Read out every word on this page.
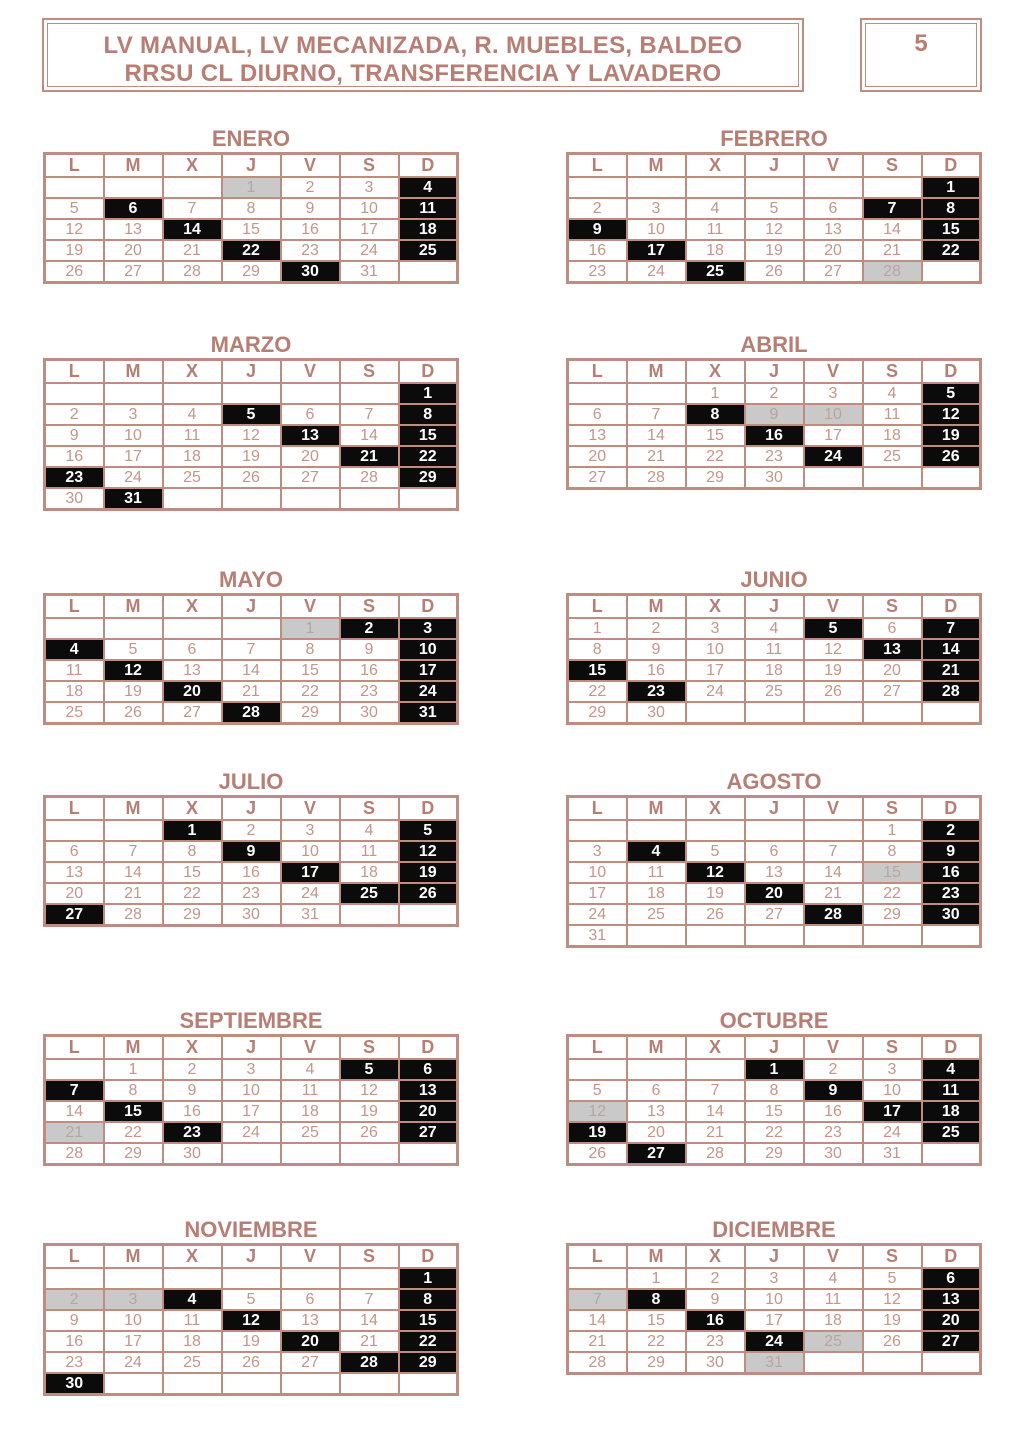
LV MANUAL, LV MECANIZADA, R. MUEBLES, BALDEO
RRSU CL DIURNO, TRANSFERENCIA Y LAVADERO
5
ENERO
L	M	X	J	V	S	D
			1	2	3	4
5	6	7	8	9	10	11
12	13	14	15	16	17	18
19	20	21	22	23	24	25
26	27	28	29	30	31	
FEBRERO
L	M	X	J	V	S	D
						1
2	3	4	5	6	7	8
9	10	11	12	13	14	15
16	17	18	19	20	21	22
23	24	25	26	27	28	
MARZO
L	M	X	J	V	S	D
						1
2	3	4	5	6	7	8
9	10	11	12	13	14	15
16	17	18	19	20	21	22
23	24	25	26	27	28	29
30	31					
ABRIL
L	M	X	J	V	S	D
		1	2	3	4	5
6	7	8	9	10	11	12
13	14	15	16	17	18	19
20	21	22	23	24	25	26
27	28	29	30			
MAYO
L	M	X	J	V	S	D
				1	2	3
4	5	6	7	8	9	10
11	12	13	14	15	16	17
18	19	20	21	22	23	24
25	26	27	28	29	30	31
JUNIO
L	M	X	J	V	S	D
1	2	3	4	5	6	7
8	9	10	11	12	13	14
15	16	17	18	19	20	21
22	23	24	25	26	27	28
29	30					
JULIO
L	M	X	J	V	S	D
		1	2	3	4	5
6	7	8	9	10	11	12
13	14	15	16	17	18	19
20	21	22	23	24	25	26
27	28	29	30	31		
AGOSTO
L	M	X	J	V	S	D
					1	2
3	4	5	6	7	8	9
10	11	12	13	14	15	16
17	18	19	20	21	22	23
24	25	26	27	28	29	30
31						
SEPTIEMBRE
L	M	X	J	V	S	D
	1	2	3	4	5	6
7	8	9	10	11	12	13
14	15	16	17	18	19	20
21	22	23	24	25	26	27
28	29	30				
OCTUBRE
L	M	X	J	V	S	D
			1	2	3	4
5	6	7	8	9	10	11
12	13	14	15	16	17	18
19	20	21	22	23	24	25
26	27	28	29	30	31	
NOVIEMBRE
L	M	X	J	V	S	D
						1
2	3	4	5	6	7	8
9	10	11	12	13	14	15
16	17	18	19	20	21	22
23	24	25	26	27	28	29
30						
DICIEMBRE
L	M	X	J	V	S	D
	1	2	3	4	5	6
7	8	9	10	11	12	13
14	15	16	17	18	19	20
21	22	23	24	25	26	27
28	29	30	31			
